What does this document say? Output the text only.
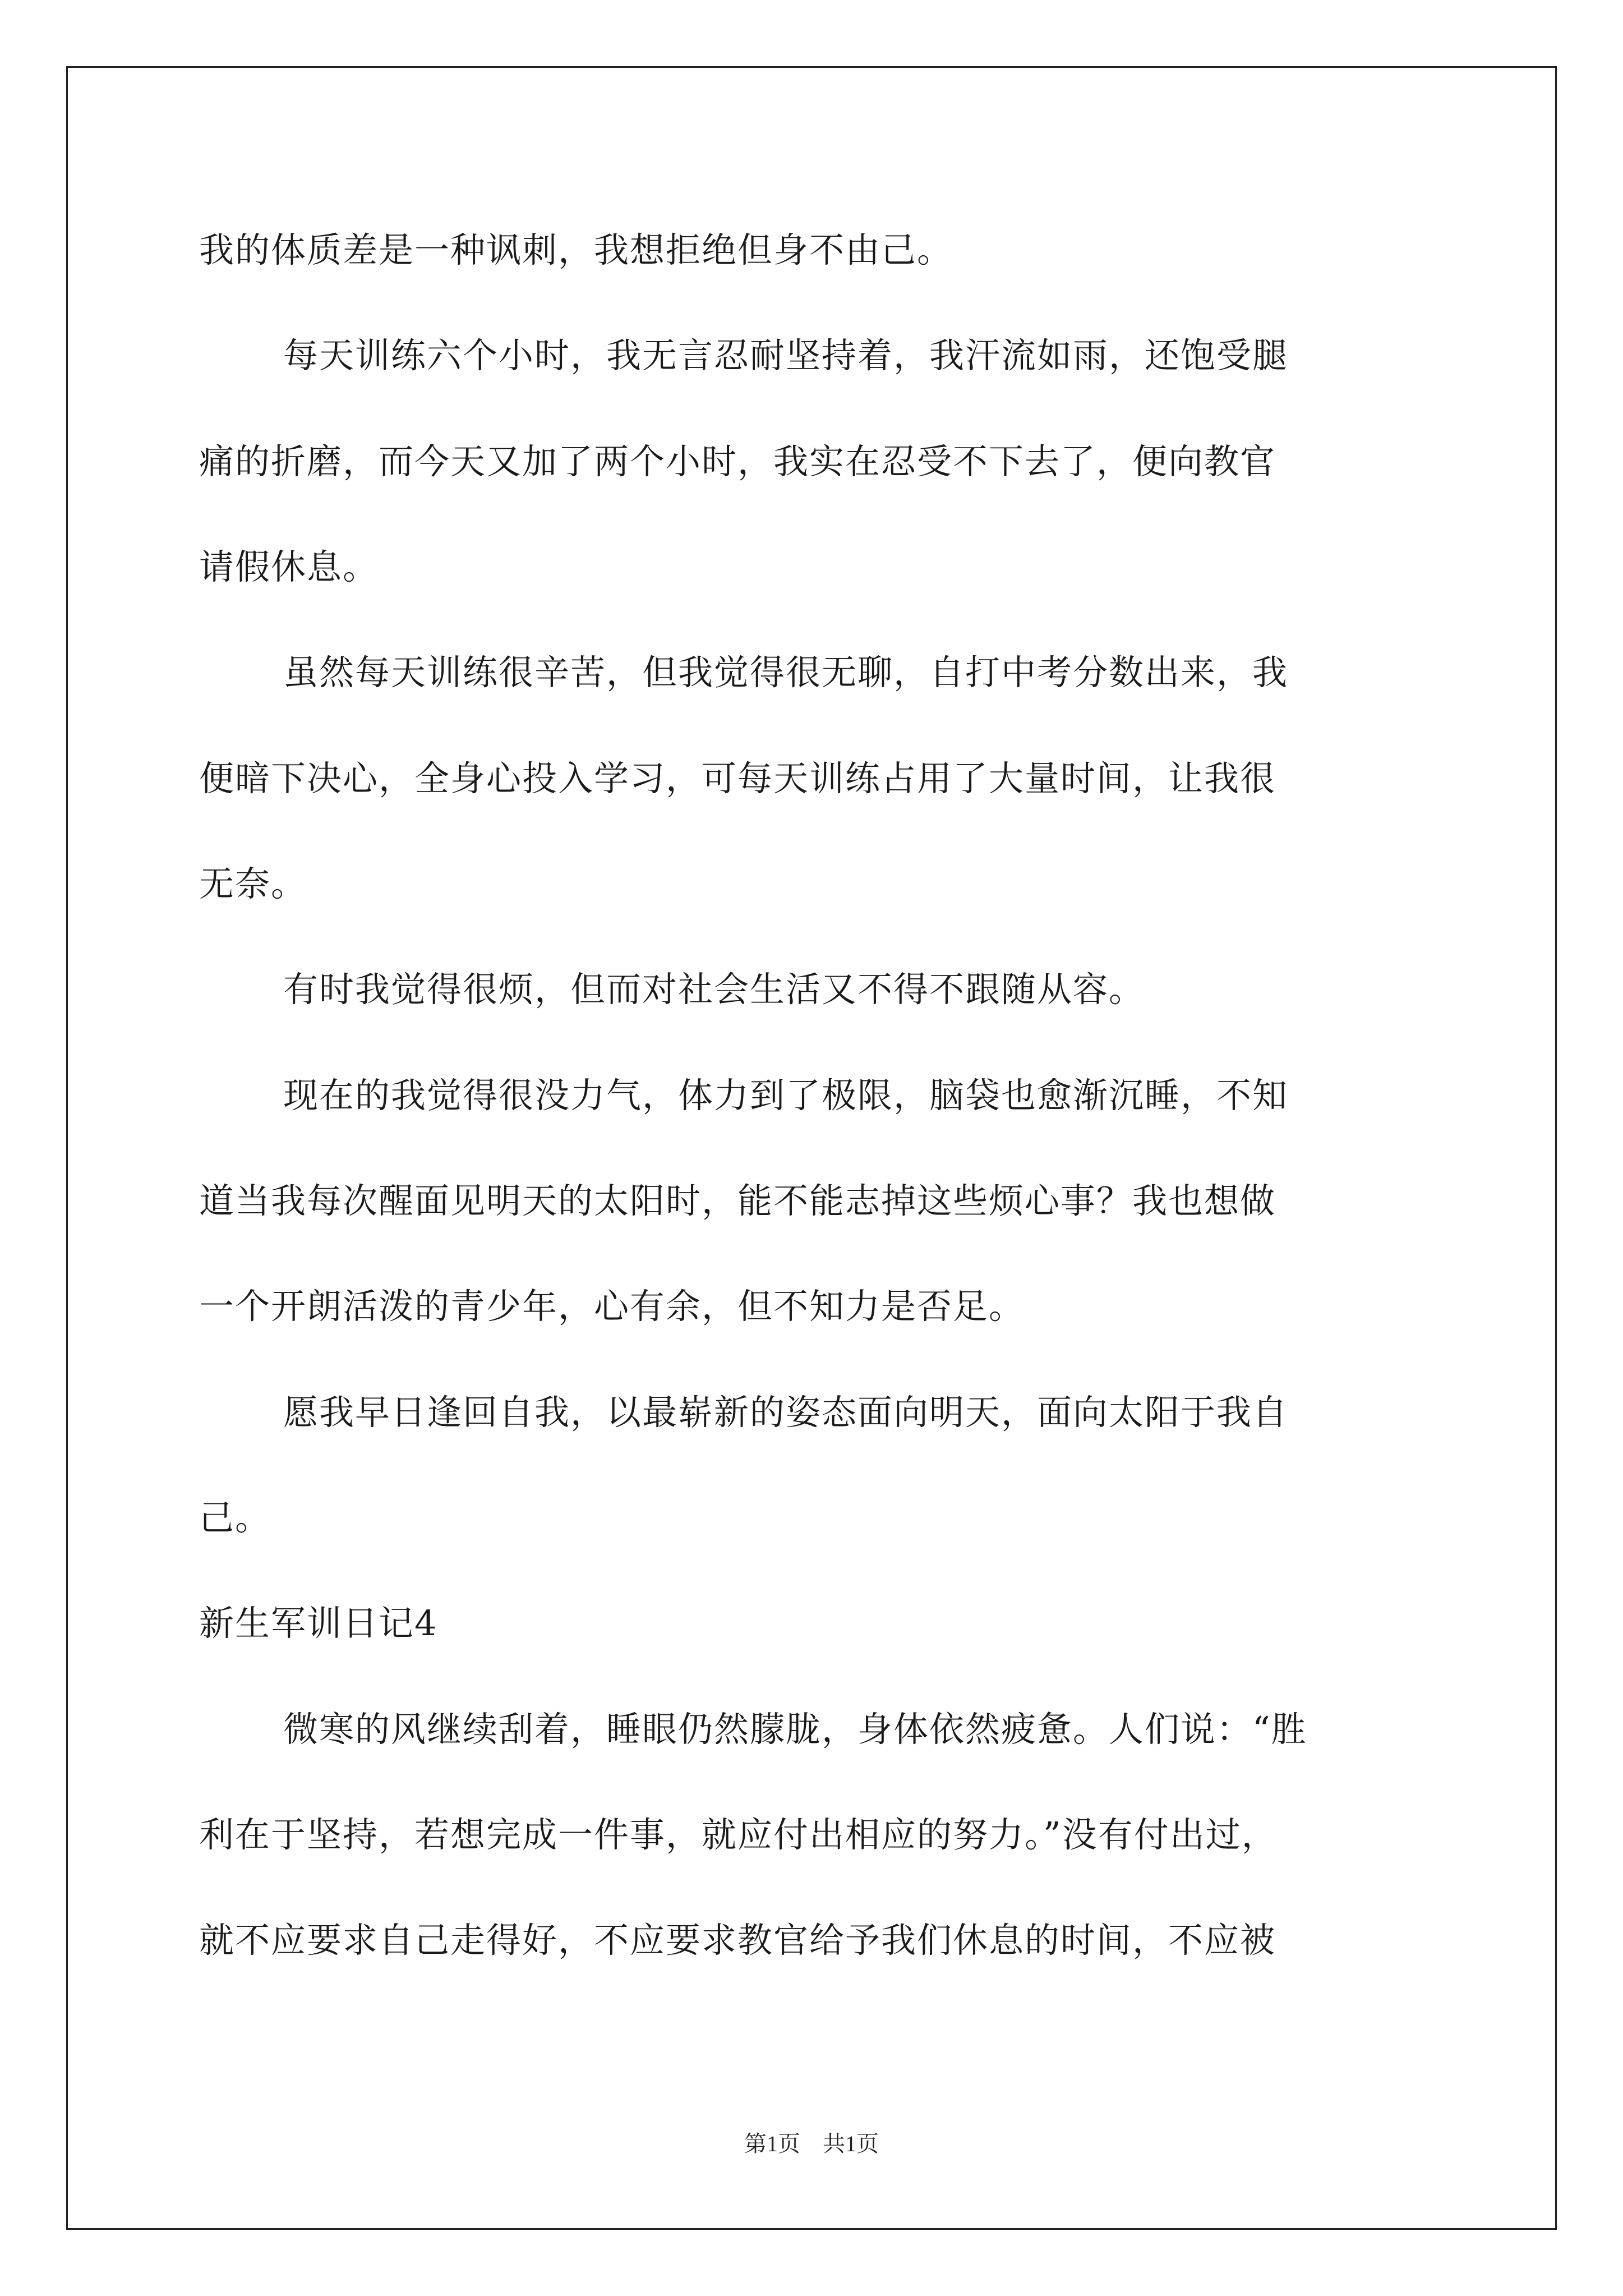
我的体质差是一种讽刺，我想拒绝但身不由己。
每天训练六个小时，我无言忍耐坚持着，我汗流如雨，还饱受腿
痛的折磨，而今天又加了两个小时，我实在忍受不下去了，便向教官
请假休息。
虽然每天训练很辛苦，但我觉得很无聊，自打中考分数出来，我
便暗下决心，全身心投入学习，可每天训练占用了大量时间，让我很
无奈。
有时我觉得很烦，但而对社会生活又不得不跟随从容。
现在的我觉得很没力气，体力到了极限，脑袋也愈渐沉睡，不知
道当我每次醒面见明天的太阳时，能不能志掉这些烦心事？我也想做
一个开朗活泼的青少年，心有余，但不知力是否足。
愿我早日逢回自我，以最崭新的姿态面向明天，面向太阳于我自
己。
新生军训日记4
微寒的风继续刮着，睡眼仍然朦胧，身体依然疲惫。人们说：“胜
利在于坚持，若想完成一件事，就应付出相应的努力。”没有付出过，
就不应要求自己走得好，不应要求教官给予我们休息的时间，不应被
第1页　共1页
